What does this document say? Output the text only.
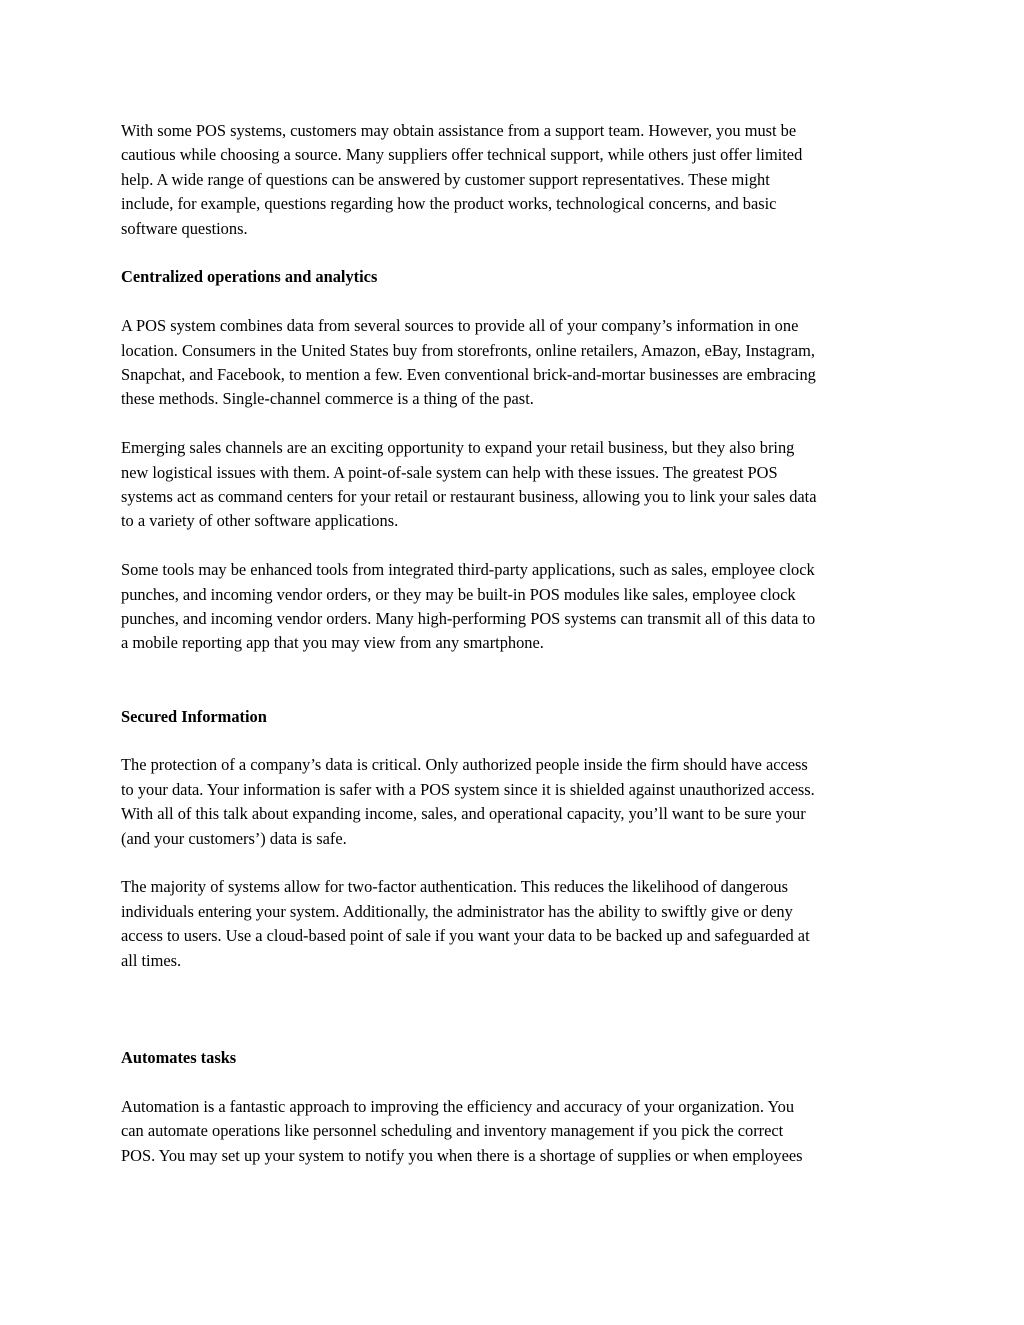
With some POS systems, customers may obtain assistance from a support team. However, you must be
cautious while choosing a source. Many suppliers offer technical support, while others just offer limited
help. A wide range of questions can be answered by customer support representatives. These might
include, for example, questions regarding how the product works, technological concerns, and basic
software questions.

Centralized operations and analytics

A POS system combines data from several sources to provide all of your company’s information in one
location. Consumers in the United States buy from storefronts, online retailers, Amazon, eBay, Instagram,
Snapchat, and Facebook, to mention a few. Even conventional brick-and-mortar businesses are embracing
these methods. Single-channel commerce is a thing of the past.

Emerging sales channels are an exciting opportunity to expand your retail business, but they also bring
new logistical issues with them. A point-of-sale system can help with these issues. The greatest POS
systems act as command centers for your retail or restaurant business, allowing you to link your sales data
to a variety of other software applications.

Some tools may be enhanced tools from integrated third-party applications, such as sales, employee clock
punches, and incoming vendor orders, or they may be built-in POS modules like sales, employee clock
punches, and incoming vendor orders. Many high-performing POS systems can transmit all of this data to
a mobile reporting app that you may view from any smartphone.

Secured Information

The protection of a company’s data is critical. Only authorized people inside the firm should have access
to your data. Your information is safer with a POS system since it is shielded against unauthorized access.
With all of this talk about expanding income, sales, and operational capacity, you’ll want to be sure your
(and your customers’) data is safe.

The majority of systems allow for two-factor authentication. This reduces the likelihood of dangerous
individuals entering your system. Additionally, the administrator has the ability to swiftly give or deny
access to users. Use a cloud-based point of sale if you want your data to be backed up and safeguarded at
all times.

Automates tasks

Automation is a fantastic approach to improving the efficiency and accuracy of your organization. You
can automate operations like personnel scheduling and inventory management if you pick the correct
POS. You may set up your system to notify you when there is a shortage of supplies or when employees
